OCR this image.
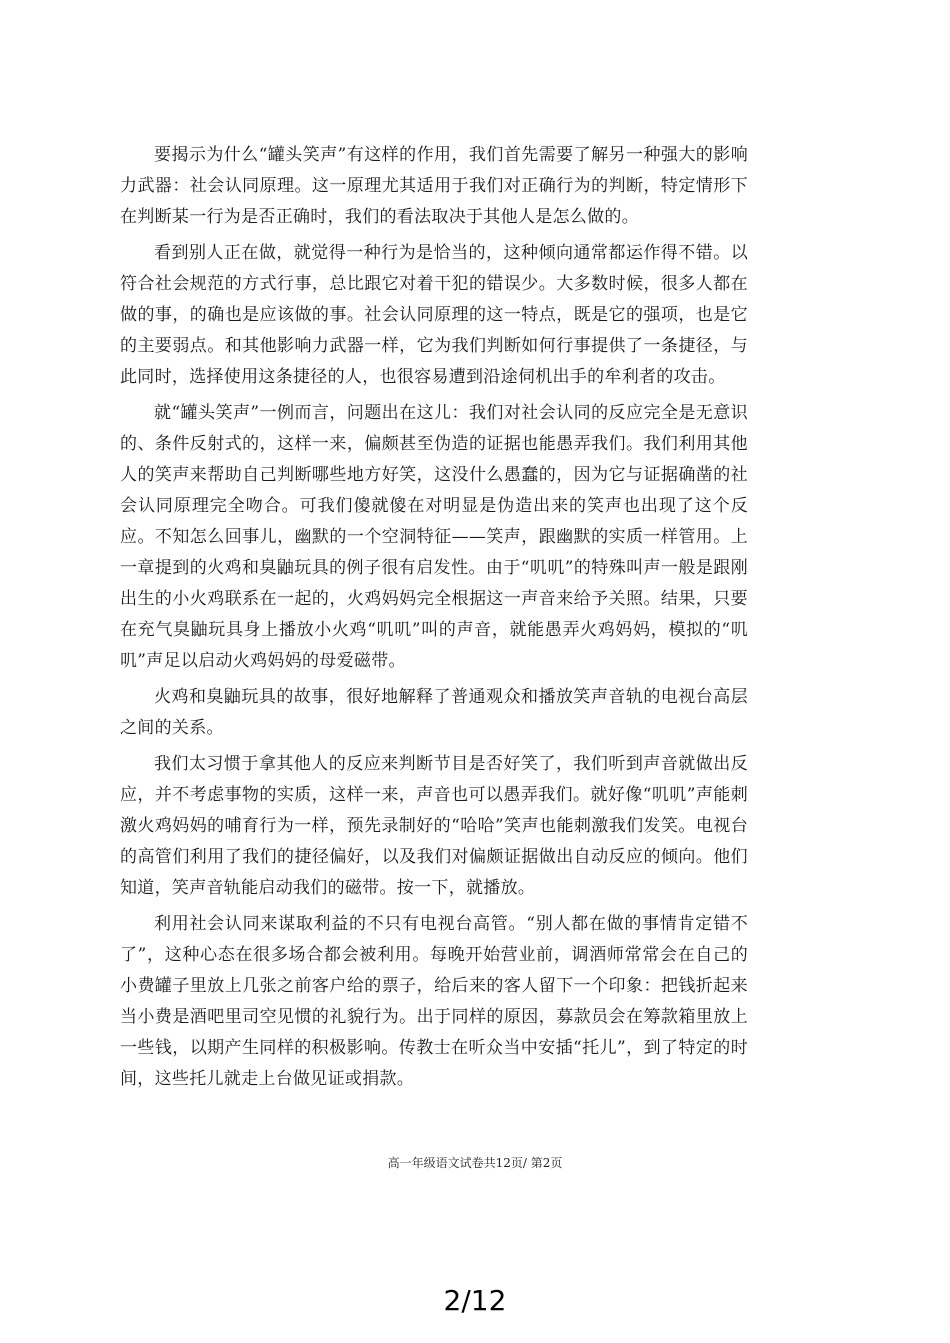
要揭示为什么“罐头笑声”有这样的作用，我们首先需要了解另一种强大的影响力武器：社会认同原理。这一原理尤其适用于我们对正确行为的判断，特定情形下在判断某一行为是否正确时，我们的看法取决于其他人是怎么做的。

看到别人正在做，就觉得一种行为是恰当的，这种倾向通常都运作得不错。以符合社会规范的方式行事，总比跟它对着干犯的错误少。大多数时候，很多人都在做的事，的确也是应该做的事。社会认同原理的这一特点，既是它的强项，也是它的主要弱点。和其他影响力武器一样，它为我们判断如何行事提供了一条捷径，与此同时，选择使用这条捷径的人，也很容易遭到沿途伺机出手的牟利者的攻击。

就“罐头笑声”一例而言，问题出在这儿：我们对社会认同的反应完全是无意识的、条件反射式的，这样一来，偏颇甚至伪造的证据也能愚弄我们。我们利用其他人的笑声来帮助自己判断哪些地方好笑，这没什么愚蠢的，因为它与证据确凿的社会认同原理完全吻合。可我们傻就傻在对明显是伪造出来的笑声也出现了这个反应。不知怎么回事儿，幽默的一个空洞特征——笑声，跟幽默的实质一样管用。上一章提到的火鸡和臭鼬玩具的例子很有启发性。由于“叽叽”的特殊叫声一般是跟刚出生的小火鸡联系在一起的，火鸡妈妈完全根据这一声音来给予关照。结果，只要在充气臭鼬玩具身上播放小火鸡“叽叽”叫的声音，就能愚弄火鸡妈妈，模拟的“叽叽”声足以启动火鸡妈妈的母爱磁带。

火鸡和臭鼬玩具的故事，很好地解释了普通观众和播放笑声音轨的电视台高层之间的关系。

我们太习惯于拿其他人的反应来判断节目是否好笑了，我们听到声音就做出反应，并不考虑事物的实质，这样一来，声音也可以愚弄我们。就好像“叽叽”声能刺激火鸡妈妈的哺育行为一样，预先录制好的“哈哈”笑声也能刺激我们发笑。电视台的高管们利用了我们的捷径偏好，以及我们对偏颇证据做出自动反应的倾向。他们知道，笑声音轨能启动我们的磁带。按一下，就播放。

利用社会认同来谋取利益的不只有电视台高管。“别人都在做的事情肯定错不了”，这种心态在很多场合都会被利用。每晚开始营业前，调酒师常常会在自己的小费罐子里放上几张之前客户给的票子，给后来的客人留下一个印象：把钱折起来当小费是酒吧里司空见惯的礼貌行为。出于同样的原因，募款员会在筹款箱里放上一些钱，以期产生同样的积极影响。传教士在听众当中安插“托儿”，到了特定的时间，这些托儿就走上台做见证或捐款。

高一年级语文试卷共12页/ 第2页
2/12
